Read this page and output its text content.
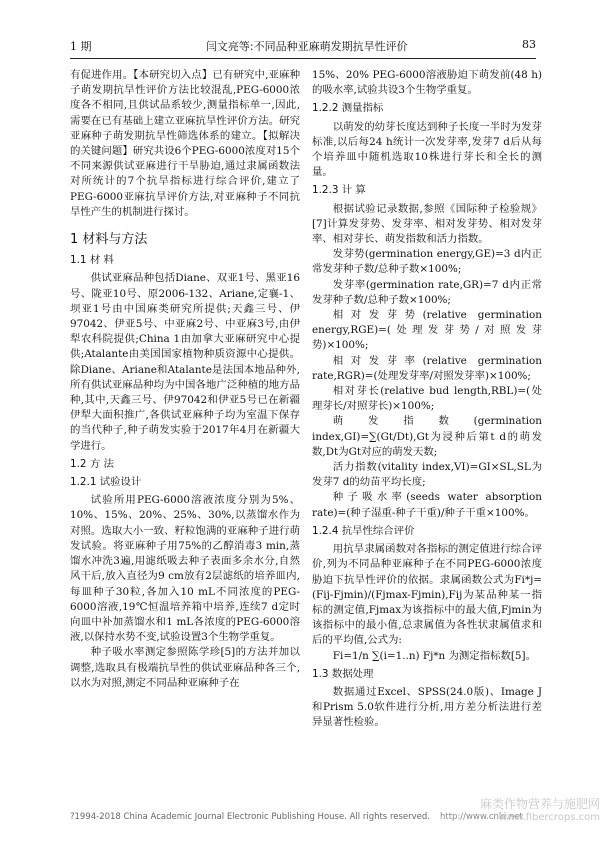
1 期	闫文亮等:不同品种亚麻萌发期抗旱性评价	83

有促进作用。【本研究切入点】已有研究中,亚麻种子萌发期抗旱性评价方法比较混乱,PEG-6000浓度各不相同,且供试品系较少,测量指标单一,因此,需要在已有基础上建立亚麻抗旱性评价方法。研究亚麻种子萌发期抗旱性筛选体系的建立。【拟解决的关键问题】研究共设6个PEG-6000浓度对15个不同来源供试亚麻进行干旱胁迫,通过隶属函数法对所统计的7个抗旱指标进行综合评价,建立了PEG-6000亚麻抗旱评价方法,对亚麻种子不同抗旱性产生的机制进行探讨。

1 材料与方法
1.1 材 料

供试亚麻品种包括Diane、双亚1号、黑亚16号、陇亚10号、原2006-132、Ariane,定襄-1、坝亚1号由中国麻类研究所提供;天鑫三号、伊97042、伊亚5号、中亚麻2号、中亚麻3号,由伊犁农科院提供;China 1由加拿大亚麻研究中心提供;Atalante由美国国家植物种质资源中心提供。除Diane、Ariane和Atalante是法国本地品种外,所有供试亚麻品种均为中国各地广泛种植的地方品种,其中,天鑫三号、伊97042和伊亚5号已在新疆伊犁大面积推广,各供试亚麻种子均为室温下保存的当代种子,种子萌发实验于2017年4月在新疆大学进行。

1.2 方 法
1.2.1 试验设计

试验所用PEG-6000溶液浓度分别为5%、10%、15%、20%、25%、30%,以蒸馏水作为对照。选取大小一致、籽粒饱满的亚麻种子进行萌发试验。将亚麻种子用75%的乙醇消毒3 min,蒸馏水冲洗3遍,用滤纸吸去种子表面多余水分,自然风干后,放入直径为9 cm放有2层滤纸的培养皿内,每皿种子30粒,各加入10 mL不同浓度的PEG-6000溶液,19℃恒温培养箱中培养,连续7 d定时向皿中补加蒸馏水和1 mL各浓度的PEG-6000溶液,以保持水势不变,试验设置3个生物学重复。

种子吸水率测定参照陈学珍[5]的方法并加以调整,选取具有极端抗旱性的供试亚麻品种各三个,以水为对照,测定不同品种亚麻种子在

15%、20% PEG-6000溶液胁迫下萌发前(48 h)的吸水率,试验共设3个生物学重复。

1.2.2 测量指标

以萌发的幼芽长度达到种子长度一半时为发芽标准,以后每24 h统计一次发芽率,发芽7 d后从每个培养皿中随机选取10株进行芽长和全长的测量。

1.2.3 计 算

根据试验记录数据,参照《国际种子检验规》[7]计算发芽势、发芽率、相对发芽势、相对发芽率、相对芽长、萌发指数和活力指数。

发芽势(germination energy,GE)=3 d内正常发芽种子数/总种子数×100%;

发芽率(germination rate,GR)=7 d内正常发芽种子数/总种子数×100%;

相对发芽势(relative germination energy,RGE)=(处理发芽势/对照发芽势)×100%;

相对发芽率(relative germination rate,RGR)=(处理发芽率/对照发芽率)×100%;

相对芽长(relative bud length,RBL)=(处理芽长/对照芽长)×100%;

萌发指数(germination index,GI)=∑(Gt/Dt),Gt为浸种后第t d的萌发数,Dt为Gt对应的萌发天数;

活力指数(vitality index,VI)=GI×SL,SL为发芽7 d的幼苗平均长度;

种子吸水率(seeds water absorption rate)=(种子湿重-种子干重)/种子干重×100%。

1.2.4 抗旱性综合评价

用抗旱隶属函数对各指标的测定值进行综合评价,列为不同品种亚麻种子在不同PEG-6000浓度胁迫下抗旱性评价的依据。隶属函数公式为Fi*j=(Fij-Fjmin)/(Fjmax-Fjmin),Fij为某品种某一指标的测定值,Fjmax为该指标中的最大值,Fjmin为该指标中的最小值,总隶属值为各性状隶属值求和后的平均值,公式为:

Fi=1/n ∑(i=1..n) Fj*n 为测定指标数[5]。

1.3 数据处理

数据通过Excel、SPSS(24.0版)、Image J和Prism 5.0软件进行分析,用方差分析法进行差异显著性检验。

?1994-2018 China Academic Journal Electronic Publishing House. All rights reserved. http://www.cnki.net
麻类作物营养与施肥网
www.fibercrops.com
